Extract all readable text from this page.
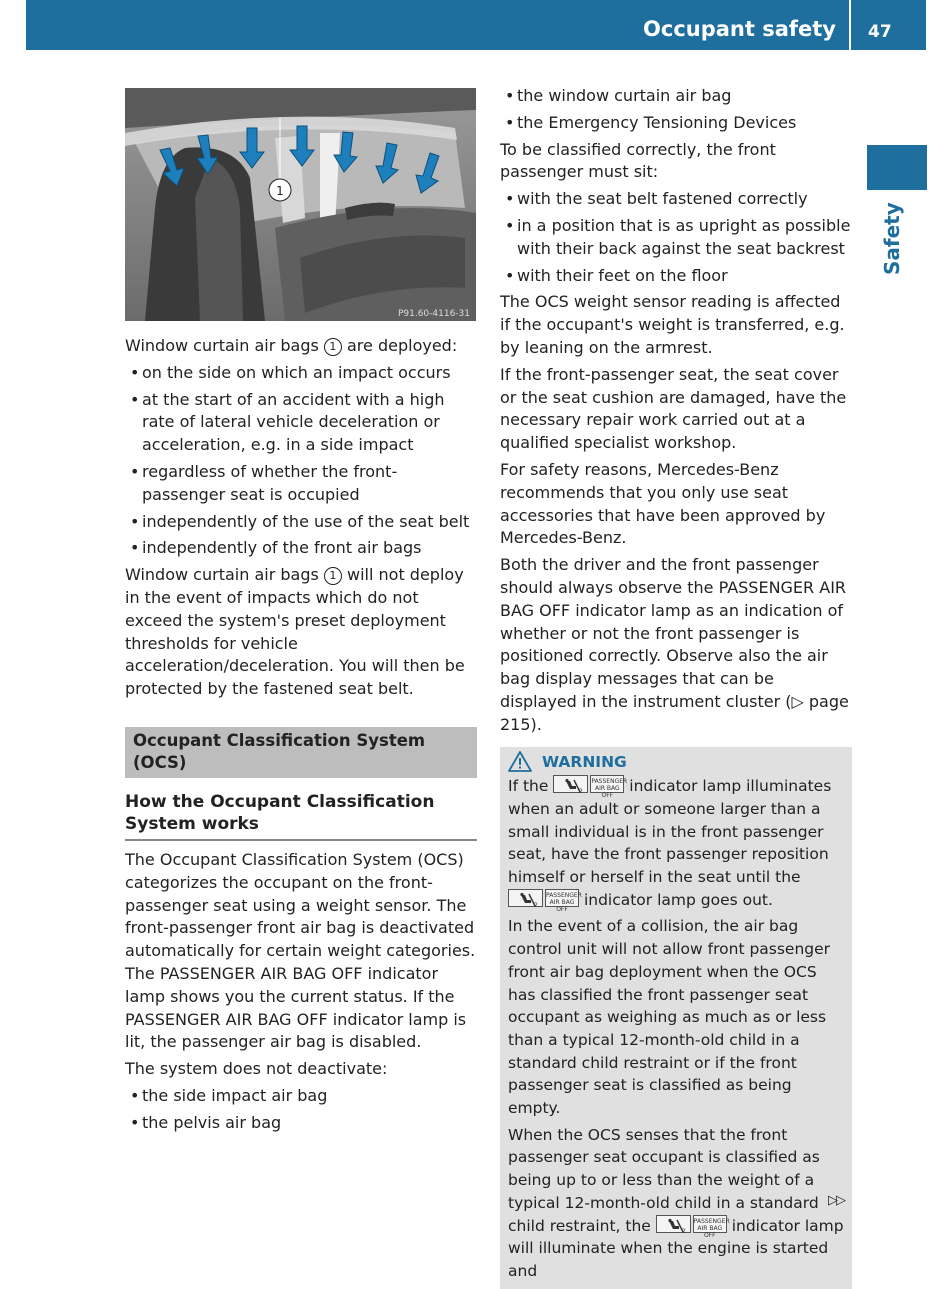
Occupant safety 47
Safety
1
P91.60-4116-31

Window curtain air bags 1 are deployed:

• on the side on which an impact occurs
• at the start of an accident with a high rate of lateral vehicle deceleration or acceleration, e.g. in a side impact
• regardless of whether the front-passenger seat is occupied
• independently of the use of the seat belt
• independently of the front air bags

Window curtain air bags 1 will not deploy in the event of impacts which do not exceed the system's preset deployment thresholds for vehicle acceleration/deceleration. You will then be protected by the fastened seat belt.

Occupant Classification System (OCS)
How the Occupant Classification System works

The Occupant Classification System (OCS) categorizes the occupant on the front-passenger seat using a weight sensor. The front-passenger front air bag is deactivated automatically for certain weight categories. The PASSENGER AIR BAG OFF indicator lamp shows you the current status. If the PASSENGER AIR BAG OFF indicator lamp is lit, the passenger air bag is disabled.

The system does not deactivate:

• the side impact air bag
• the pelvis air bag
• the window curtain air bag
• the Emergency Tensioning Devices

To be classified correctly, the front passenger must sit:

• with the seat belt fastened correctly
• in a position that is as upright as possible with their back against the seat backrest
• with their feet on the floor

The OCS weight sensor reading is affected if the occupant's weight is transferred, e.g. by leaning on the armrest.

If the front-passenger seat, the seat cover or the seat cushion are damaged, have the necessary repair work carried out at a qualified specialist workshop.

For safety reasons, Mercedes-Benz recommends that you only use seat accessories that have been approved by Mercedes-Benz.

Both the driver and the front passenger should always observe the PASSENGER AIR BAG OFF indicator lamp as an indication of whether or not the front passenger is positioned correctly. Observe also the air bag display messages that can be displayed in the instrument cluster (▷ page 215).

WARNING

If the	2
PASSENGER AIR BAG OFF
indicator lamp illuminates when an adult or someone larger than a small individual is in the front passenger seat, have the front passenger reposition himself or herself in the seat until the
2
PASSENGER AIR BAG OFF
indicator lamp goes out.

In the event of a collision, the air bag control unit will not allow front passenger front air bag deployment when the OCS has classified the front passenger seat occupant as weighing as much as or less than a typical 12-month-old child in a standard child restraint or if the front passenger seat is classified as being empty.

When the OCS senses that the front passenger seat occupant is classified as being up to or less than the weight of a typical 12-month-old child in a standard child restraint, the	2
PASSENGER AIR BAG OFF
indicator lamp will illuminate when the engine is started and

▷▷
